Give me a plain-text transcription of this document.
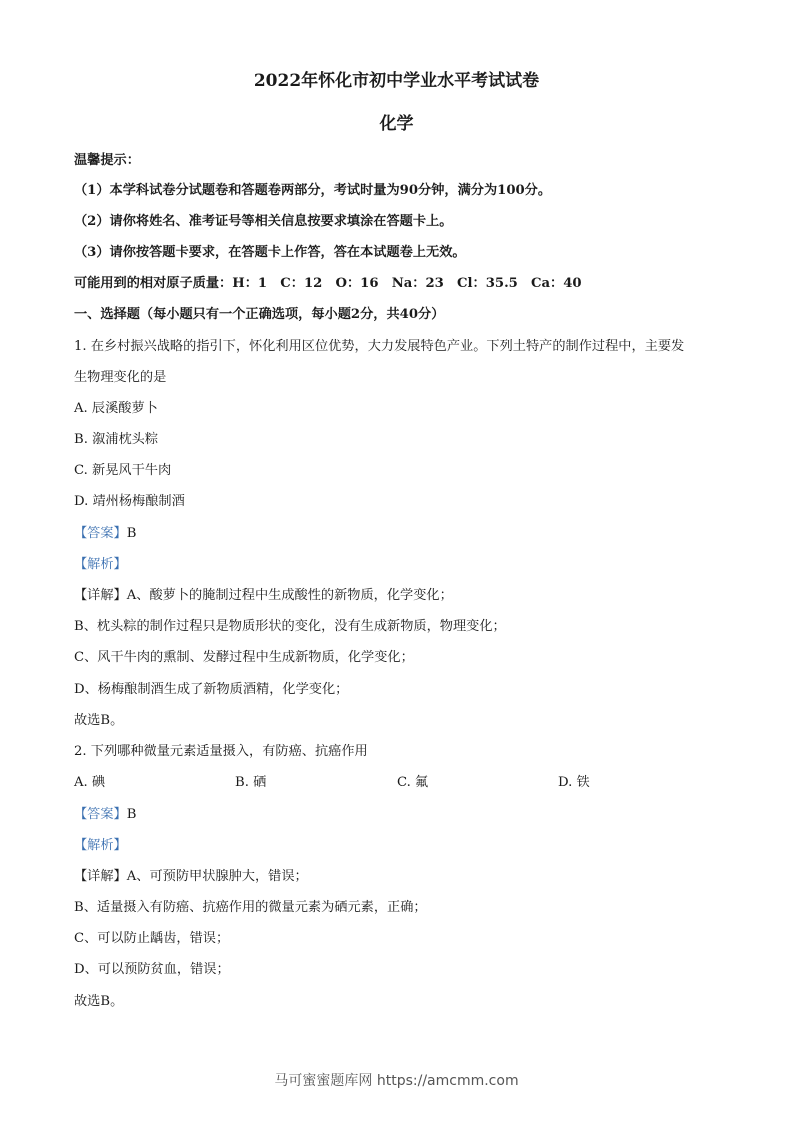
2022年怀化市初中学业水平考试试卷
化学
温馨提示：
（1）本学科试卷分试题卷和答题卷两部分，考试时量为90分钟，满分为100分。
（2）请你将姓名、准考证号等相关信息按要求填涂在答题卡上。
（3）请你按答题卡要求，在答题卡上作答，答在本试题卷上无效。
可能用到的相对原子质量：H：1　C：12　O：16　Na：23　Cl：35.5　Ca：40
一、选择题（每小题只有一个正确选项，每小题2分，共40分）
1. 在乡村振兴战略的指引下，怀化利用区位优势，大力发展特色产业。下列土特产的制作过程中，主要发
生物理变化的是
A. 辰溪酸萝卜
B. 溆浦枕头粽
C. 新晃风干牛肉
D. 靖州杨梅酿制酒
【答案】B
【解析】
【详解】A、酸萝卜的腌制过程中生成酸性的新物质，化学变化；
B、枕头粽的制作过程只是物质形状的变化，没有生成新物质，物理变化；
C、风干牛肉的熏制、发酵过程中生成新物质，化学变化；
D、杨梅酿制酒生成了新物质酒精，化学变化；
故选B。
2. 下列哪种微量元素适量摄入，有防癌、抗癌作用
A. 碘	B. 硒	C. 氟	D. 铁
【答案】B
【解析】
【详解】A、可预防甲状腺肿大，错误；
B、适量摄入有防癌、抗癌作用的微量元素为硒元素，正确；
C、可以防止龋齿，错误；
D、可以预防贫血，错误；
故选B。
马可蜜蜜题库网 https://amcmm.com
